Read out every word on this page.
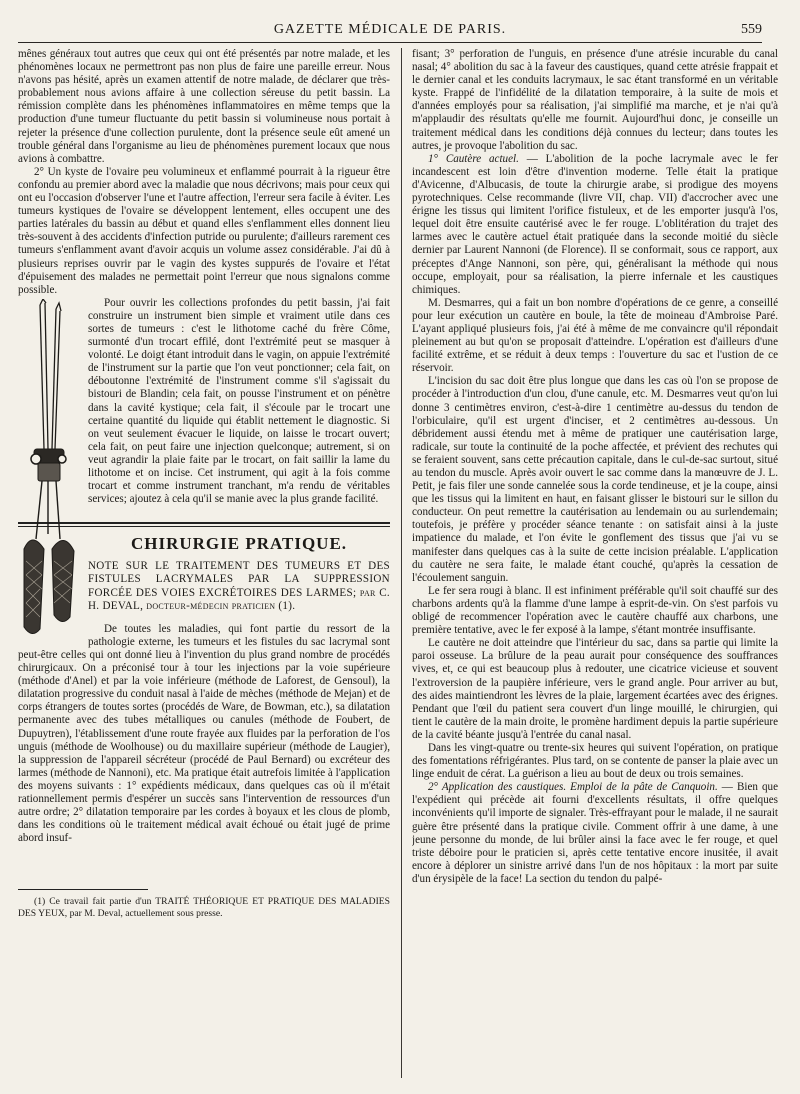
GAZETTE MÉDICALE DE PARIS.	559

mênes généraux tout autres que ceux qui ont été présentés par notre malade, et les phénomènes locaux ne permettront pas non plus de faire une pareille erreur. Nous n'avons pas hésité, après un examen attentif de notre malade, de déclarer que très-probablement nous avions affaire à une collection séreuse du petit bassin. La rémission complète dans les phénomènes inflammatoires en même temps que la production d'une tumeur fluctuante du petit bassin si volumineuse nous portait à rejeter la présence d'une collection purulente, dont la présence seule eût amené un trouble général dans l'organisme au lieu de phénomènes purement locaux que nous avions à combattre.

2° Un kyste de l'ovaire peu volumineux et enflammé pourrait à la rigueur être confondu au premier abord avec la maladie que nous décrivons; mais pour ceux qui ont eu l'occasion d'observer l'une et l'autre affection, l'erreur sera facile à éviter. Les tumeurs kystiques de l'ovaire se développent lentement, elles occupent une des parties latérales du bassin au début et quand elles s'enflamment elles donnent lieu très-souvent à des accidents d'infection putride ou purulente; d'ailleurs rarement ces tumeurs s'enflamment avant d'avoir acquis un volume assez considérable. J'ai dû à plusieurs reprises ouvrir par le vagin des kystes suppurés de l'ovaire et l'état d'épuisement des malades ne permettait point l'erreur que nous signalons comme possible.

Pour ouvrir les collections profondes du petit bassin, j'ai fait construire un instrument bien simple et vraiment utile dans ces sortes de tumeurs : c'est le lithotome caché du frère Côme, surmonté d'un trocart effilé, dont l'extrémité peut se masquer à volonté. Le doigt étant introduit dans le vagin, on appuie l'extrémité de l'instrument sur la partie que l'on veut ponctionner; cela fait, on déboutonne l'extrémité de l'instrument comme s'il s'agissait du bistouri de Blandin; cela fait, on pousse l'instrument et on pénètre dans la cavité kystique; cela fait, il s'écoule par le trocart une certaine quantité du liquide qui établit nettement le diagnostic. Si on veut seulement évacuer le liquide, on laisse le trocart ouvert; cela fait, on peut faire une injection quelconque; autrement, si on veut agrandir la plaie faite par le trocart, on fait saillir la lame du lithotome et on incise. Cet instrument, qui agit à la fois comme trocart et comme instrument tranchant, m'a rendu de véritables services; ajoutez à cela qu'il se manie avec la plus grande facilité.

CHIRURGIE PRATIQUE.

NOTE SUR LE TRAITEMENT DES TUMEURS ET DES FISTULES LACRYMALES PAR LA SUPPRESSION FORCÉE DES VOIES EXCRÉTOIRES DES LARMES; par C. H. DEVAL, docteur-médecin praticien (1).

De toutes les maladies, qui font partie du ressort de la pathologie externe, les tumeurs et les fistules du sac lacrymal sont peut-être celles qui ont donné lieu à l'invention du plus grand nombre de procédés chirurgicaux. On a préconisé tour à tour les injections par la voie supérieure (méthode d'Anel) et par la voie inférieure (méthode de Laforest, de Gensoul), la dilatation progressive du conduit nasal à l'aide de mèches (méthode de Mejan) et de corps étrangers de toutes sortes (procédés de Ware, de Bowman, etc.), sa dilatation permanente avec des tubes métalliques ou canules (méthode de Foubert, de Dupuytren), l'établissement d'une route frayée aux fluides par la perforation de l'os unguis (méthode de Woolhouse) ou du maxillaire supérieur (méthode de Laugier), la suppression de l'appareil sécréteur (procédé de Paul Bernard) ou excréteur des larmes (méthode de Nannoni), etc. Ma pratique était autrefois limitée à l'application des moyens suivants : 1° expédients médicaux, dans quelques cas où il m'était rationnellement permis d'espérer un succès sans l'intervention de ressources d'un autre ordre; 2° dilatation temporaire par les cordes à boyaux et les clous de plomb, dans les conditions où le traitement médical avait échoué ou était jugé de prime abord insuf-

(1) Ce travail fait partie d'un TRAITÉ THÉORIQUE ET PRATIQUE DES MALADIES DES YEUX, par M. Deval, actuellement sous presse.

fisant; 3° perforation de l'unguis, en présence d'une atrésie incurable du canal nasal; 4° abolition du sac à la faveur des caustiques, quand cette atrésie frappait et le dernier canal et les conduits lacrymaux, le sac étant transformé en un véritable kyste. Frappé de l'infidélité de la dilatation temporaire, à la suite de mois et d'années employés pour sa réalisation, j'ai simplifié ma marche, et je n'ai qu'à m'applaudir des résultats qu'elle me fournit. Aujourd'hui donc, je conseille un traitement médical dans les conditions déjà connues du lecteur; dans toutes les autres, je provoque l'abolition du sac.

1° Cautère actuel. — L'abolition de la poche lacrymale avec le fer incandescent est loin d'être d'invention moderne. Telle était la pratique d'Avicenne, d'Albucasis, de toute la chirurgie arabe, si prodigue des moyens pyrotechniques. Celse recommande (livre VII, chap. VII) d'accrocher avec une érigne les tissus qui limitent l'orifice fistuleux, et de les emporter jusqu'à l'os, lequel doit être ensuite cautérisé avec le fer rouge. L'oblitération du trajet des larmes avec le cautère actuel était pratiquée dans la seconde moitié du siècle dernier par Laurent Nannoni (de Florence). Il se conformait, sous ce rapport, aux préceptes d'Ange Nannoni, son père, qui, généralisant la méthode qui nous occupe, employait, pour sa réalisation, la pierre infernale et les caustiques chimiques.

M. Desmarres, qui a fait un bon nombre d'opérations de ce genre, a conseillé pour leur exécution un cautère en boule, la tête de moineau d'Ambroise Paré. L'ayant appliqué plusieurs fois, j'ai été à même de me convaincre qu'il répondait pleinement au but qu'on se proposait d'atteindre. L'opération est d'ailleurs d'une facilité extrême, et se réduit à deux temps : l'ouverture du sac et l'ustion de ce réservoir.

L'incision du sac doit être plus longue que dans les cas où l'on se propose de procéder à l'introduction d'un clou, d'une canule, etc. M. Desmarres veut qu'on lui donne 3 centimètres environ, c'est-à-dire 1 centimètre au-dessus du tendon de l'orbiculaire, qu'il est urgent d'inciser, et 2 centimètres au-dessous. Un débridement aussi étendu met à même de pratiquer une cautérisation large, radicale, sur toute la continuité de la poche affectée, et prévient des rechutes qui se feraient souvent, sans cette précaution capitale, dans le cul-de-sac surtout, situé au tendon du muscle. Après avoir ouvert le sac comme dans la manœuvre de J. L. Petit, je fais filer une sonde cannelée sous la corde tendineuse, et je la coupe, ainsi que les tissus qui la limitent en haut, en faisant glisser le bistouri sur le sillon du conducteur. On peut remettre la cautérisation au lendemain ou au surlendemain; toutefois, je préfère y procéder séance tenante : on satisfait ainsi à la juste impatience du malade, et l'on évite le gonflement des tissus que j'ai vu se manifester dans quelques cas à la suite de cette incision préalable. L'application du cautère ne sera faite, le malade étant couché, qu'après la cessation de l'écoulement sanguin.

Le fer sera rougi à blanc. Il est infiniment préférable qu'il soit chauffé sur des charbons ardents qu'à la flamme d'une lampe à esprit-de-vin. On s'est parfois vu obligé de recommencer l'opération avec le cautère chauffé aux charbons, une première tentative, avec le fer exposé à la lampe, s'étant montrée insuffisante.

Le cautère ne doit atteindre que l'intérieur du sac, dans sa partie qui limite la paroi osseuse. La brûlure de la peau aurait pour conséquence des souffrances vives, et, ce qui est beaucoup plus à redouter, une cicatrice vicieuse et souvent l'extroversion de la paupière inférieure, vers le grand angle. Pour arriver au but, des aides maintiendront les lèvres de la plaie, largement écartées avec des érignes. Pendant que l'œil du patient sera couvert d'un linge mouillé, le chirurgien, qui tient le cautère de la main droite, le promène hardiment depuis la partie supérieure de la cavité béante jusqu'à l'entrée du canal nasal.

Dans les vingt-quatre ou trente-six heures qui suivent l'opération, on pratique des fomentations réfrigérantes. Plus tard, on se contente de panser la plaie avec un linge enduit de cérat. La guérison a lieu au bout de deux ou trois semaines.

2° Application des caustiques. Emploi de la pâte de Canquoin. — Bien que l'expédient qui précède ait fourni d'excellents résultats, il offre quelques inconvénients qu'il importe de signaler. Très-effrayant pour le malade, il ne saurait guère être présenté dans la pratique civile. Comment offrir à une dame, à une jeune personne du monde, de lui brûler ainsi la face avec le fer rouge, et quel triste déboire pour le praticien si, après cette tentative encore inusitée, il avait encore à déplorer un sinistre arrivé dans l'un de nos hôpitaux : la mort par suite d'un érysipèle de la face! La section du tendon du palpé-
